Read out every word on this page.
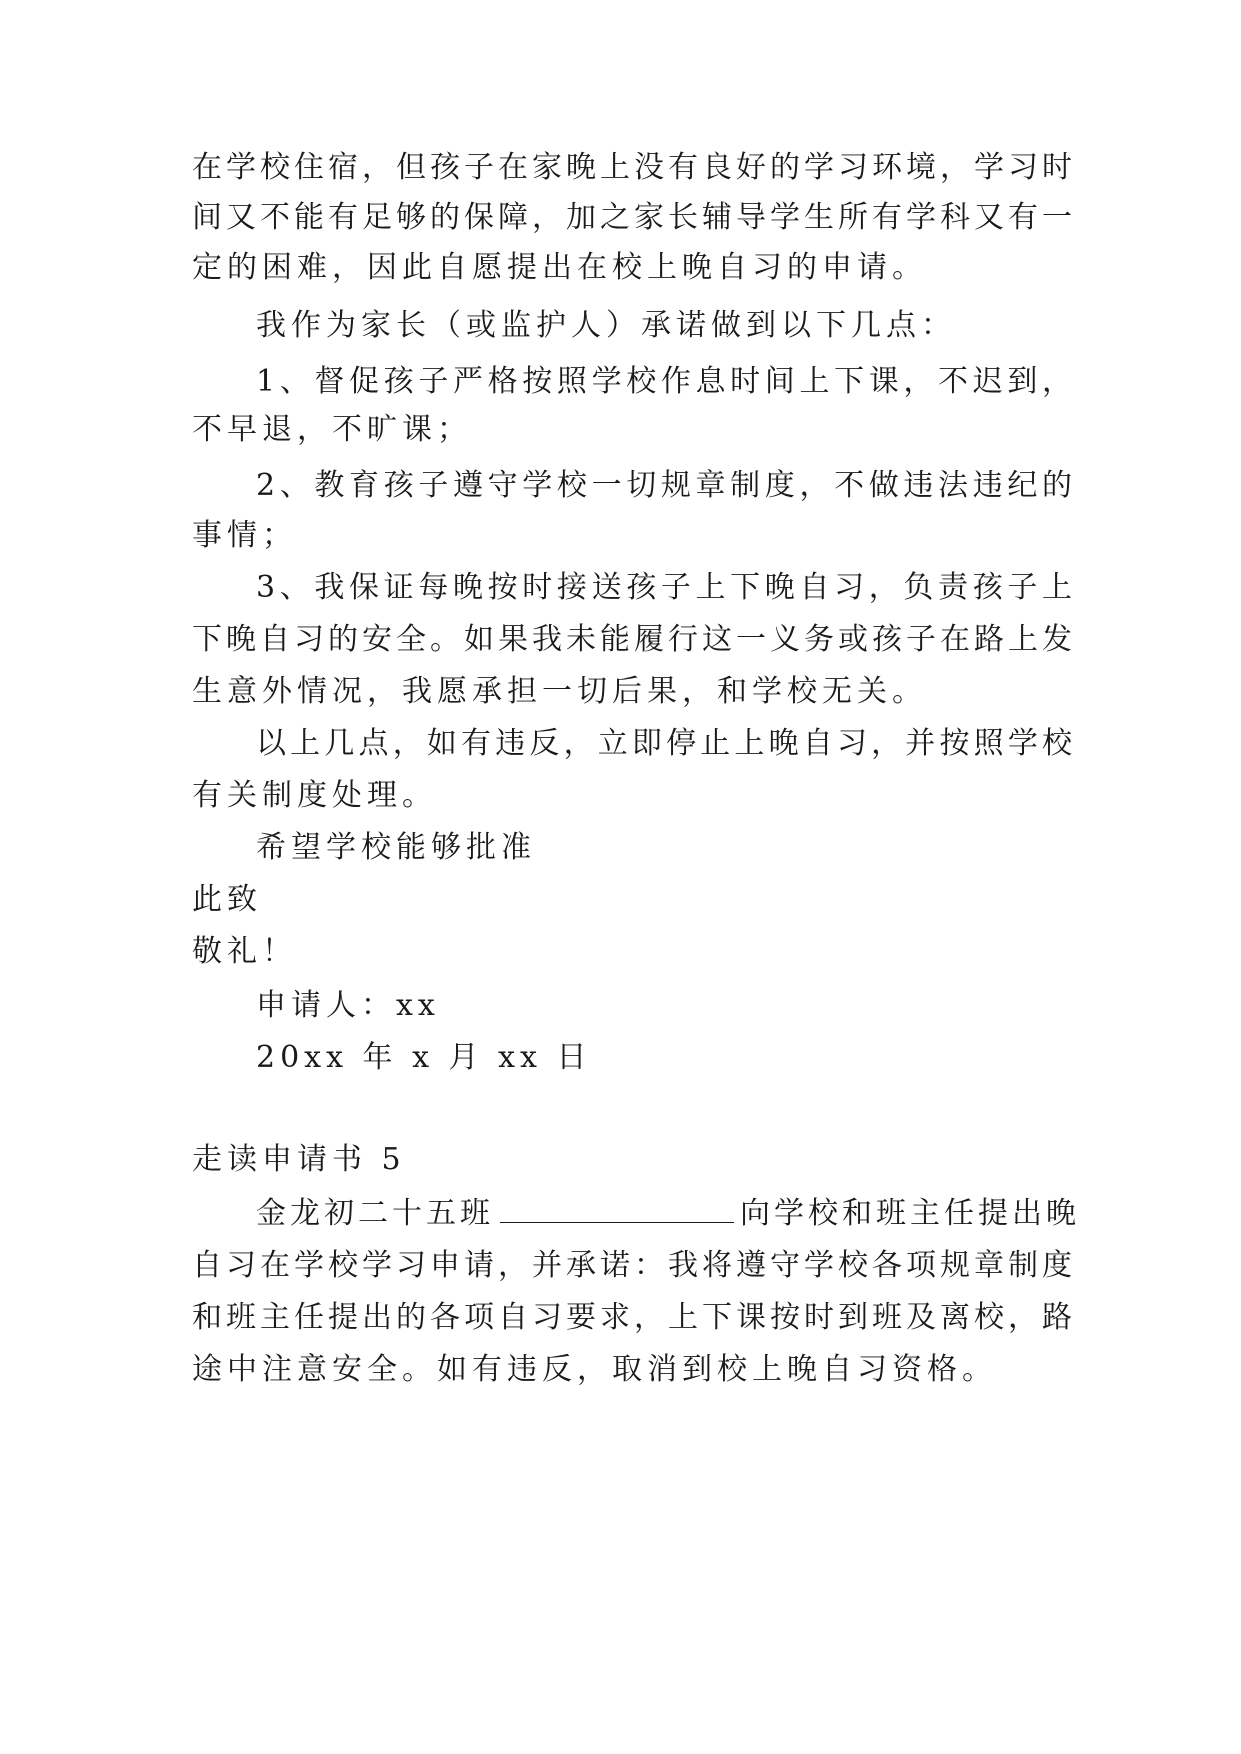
在学校住宿，但孩子在家晚上没有良好的学习环境，学习时
间又不能有足够的保障，加之家长辅导学生所有学科又有一
定的困难，因此自愿提出在校上晚自习的申请。
我作为家长（或监护人）承诺做到以下几点：
1、督促孩子严格按照学校作息时间上下课，不迟到，
不早退，不旷课；
2、教育孩子遵守学校一切规章制度，不做违法违纪的
事情；
3、我保证每晚按时接送孩子上下晚自习，负责孩子上
下晚自习的安全。如果我未能履行这一义务或孩子在路上发
生意外情况，我愿承担一切后果，和学校无关。
以上几点，如有违反，立即停止上晚自习，并按照学校
有关制度处理。
希望学校能够批准
此致
敬礼！
申请人：xx
20xx 年 x 月 xx 日
走读申请书 5
金龙初二十五班	向学校和班主任提出晚
自习在学校学习申请，并承诺：我将遵守学校各项规章制度
和班主任提出的各项自习要求，上下课按时到班及离校，路
途中注意安全。如有违反，取消到校上晚自习资格。
